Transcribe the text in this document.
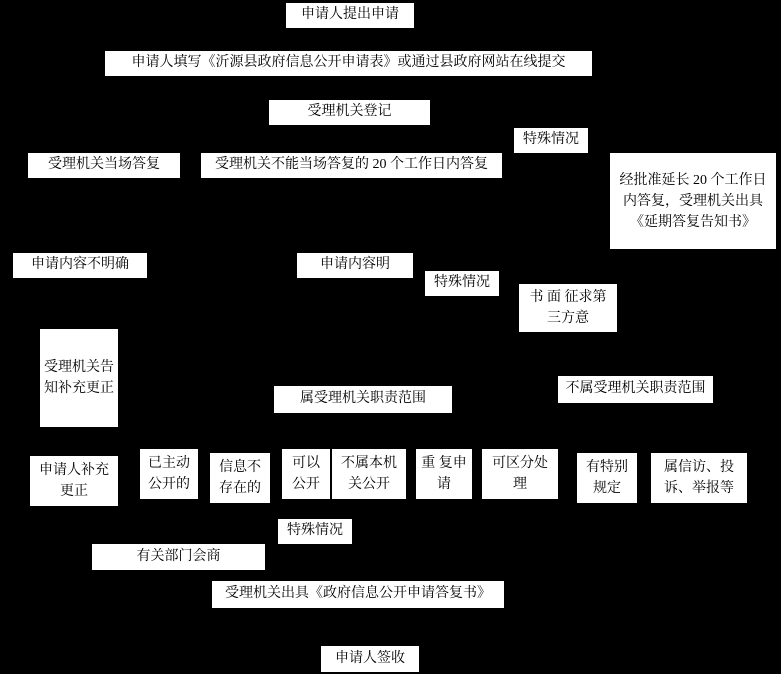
申请人提出申请
申请人填写《沂源县政府信息公开申请表》或通过县政府网站在线提交
受理机关登记
特殊情况
受理机关当场答复	受理机关不能当场答复的 20 个工作日内答复
经批准延长 20 个工作日内答复，受理机关出具《延期答复告知书》
申请内容不明确	申请内容明
特殊情况
书 面 征求第三方意
受理机关告知补充更正
属受理机关职责范围
不属受理机关职责范围
申请人补充更正
已主动公开的
信息不存在的
可以公开
不属本机关公开
重 复申请
可区分处理
有特别规定
属信访、投诉、举报等
特殊情况
有关部门会商
受理机关出具《政府信息公开申请答复书》
申请人签收
